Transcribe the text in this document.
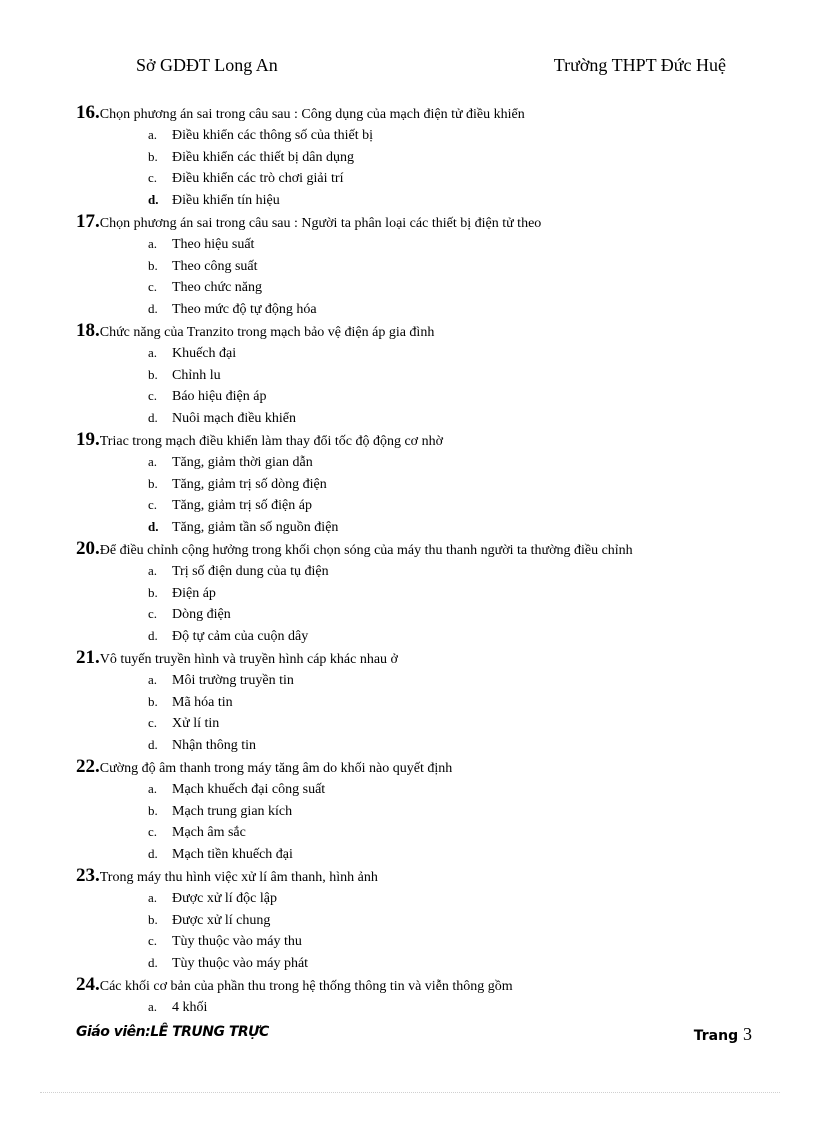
Sở GDĐT Long An	Trường THPT Đức Huệ
16.Chọn phương án sai trong câu sau : Công dụng của mạch điện tử điều khiển
a. Điều khiển các thông số của thiết bị
b. Điều khiển các thiết bị dân dụng
c. Điều khiển các trò chơi giải trí
d. Điều khiển tín hiệu
17.Chọn phương án sai trong câu sau : Người ta phân loại các thiết bị điện tử theo
a. Theo hiệu suất
b. Theo công suất
c. Theo chức năng
d. Theo mức độ tự động hóa
18.Chức năng của Tranzito trong mạch bảo vệ điện áp gia đình
a. Khuếch đại
b. Chỉnh lu
c. Báo hiệu điện áp
d. Nuôi mạch điều khiển
19.Triac trong mạch điều khiển làm thay đổi tốc độ động cơ nhờ
a. Tăng, giảm thời gian dẫn
b. Tăng, giảm trị số dòng điện
c. Tăng, giảm trị số điện áp
d. Tăng, giảm tần số nguồn điện
20.Để điều chỉnh cộng hưởng trong khối chọn sóng của máy thu thanh người ta thường điều chỉnh
a. Trị số điện dung của tụ điện
b. Điện áp
c. Dòng điện
d. Độ tự cảm của cuộn dây
21.Vô tuyến truyền hình và truyền hình cáp khác nhau ở
a. Môi trường truyền tin
b. Mã hóa tin
c. Xử lí tin
d. Nhận thông tin
22.Cường độ âm thanh trong máy tăng âm do khối nào quyết định
a. Mạch khuếch đại công suất
b. Mạch trung gian kích
c. Mạch âm sắc
d. Mạch tiền khuếch đại
23.Trong máy thu hình việc xử lí âm thanh, hình ảnh
a. Được xử lí độc lập
b. Được xử lí chung
c. Tùy thuộc vào máy thu
d. Tùy thuộc vào máy phát
24.Các khối cơ bản của phần thu trong hệ thống thông tin và viễn thông gồm
a. 4 khối
Giáo viên:LÊ TRUNG TRỰC	Trang 3
